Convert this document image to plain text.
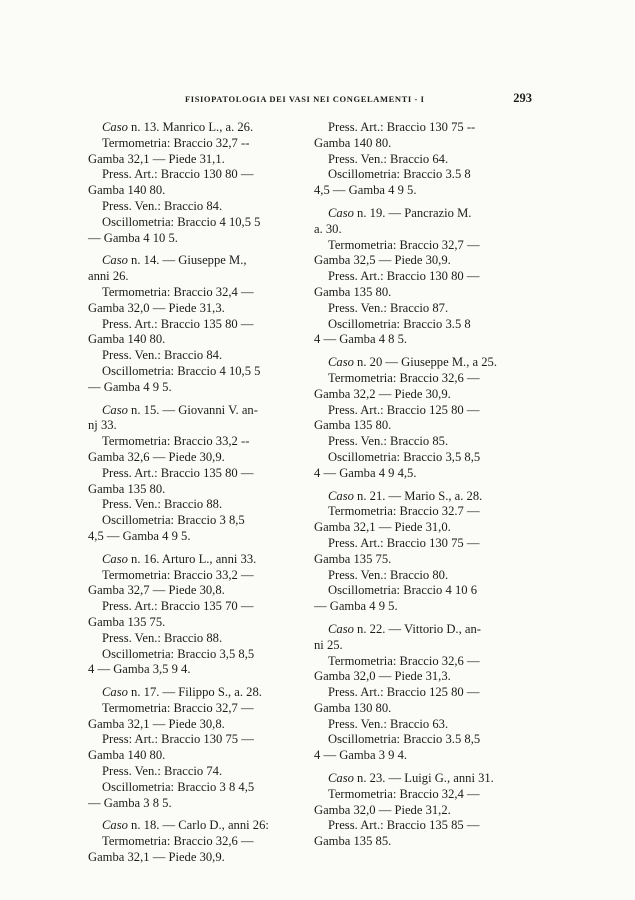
FISIOPATOLOGIA DEI VASI NEI CONGELAMENTI - I	293
Caso n. 13. Manrico L., a. 26.
Termometria: Braccio 32,7 --
Gamba 32,1 — Piede 31,1.
Press. Art.: Braccio 130 80 —
Gamba 140 80.
Press. Ven.: Braccio 84.
Oscillometria: Braccio 4 10,5 5
— Gamba 4 10 5.
Caso n. 14. — Giuseppe M.,
anni 26.
Termometria: Braccio 32,4 —
Gamba 32,0 — Piede 31,3.
Press. Art.: Braccio 135 80 —
Gamba 140 80.
Press. Ven.: Braccio 84.
Oscillometria: Braccio 4 10,5 5
— Gamba 4 9 5.
Caso n. 15. — Giovanni V. an-
nj 33.
Termometria: Braccio 33,2 --
Gamba 32,6 — Piede 30,9.
Press. Art.: Braccio 135 80 —
Gamba 135 80.
Press. Ven.: Braccio 88.
Oscillometria: Braccio 3 8,5
4,5 — Gamba 4 9 5.
Caso n. 16. Arturo L., anni 33.
Termometria: Braccio 33,2 —
Gamba 32,7 — Piede 30,8.
Press. Art.: Braccio 135 70 —
Gamba 135 75.
Press. Ven.: Braccio 88.
Oscillometria: Braccio 3,5 8,5
4 — Gamba 3,5 9 4.
Caso n. 17. — Filippo S., a. 28.
Termometria: Braccio 32,7 —
Gamba 32,1 — Piede 30,8.
Press: Art.: Braccio 130 75 —
Gamba 140 80.
Press. Ven.: Braccio 74.
Oscillometria: Braccio 3 8 4,5
— Gamba 3 8 5.
Caso n. 18. — Carlo D., anni 26:
Termometria: Braccio 32,6 —
Gamba 32,1 — Piede 30,9.
Press. Art.: Braccio 130 75 --
Gamba 140 80.
Press. Ven.: Braccio 64.
Oscillometria: Braccio 3.5 8
4,5 — Gamba 4 9 5.
Caso n. 19. — Pancrazio M.
a. 30.
Termometria: Braccio 32,7 —
Gamba 32,5 — Piede 30,9.
Press. Art.: Braccio 130 80 —
Gamba 135 80.
Press. Ven.: Braccio 87.
Oscillometria: Braccio 3.5 8
4 — Gamba 4 8 5.
Caso n. 20 — Giuseppe M., a 25.
Termometria: Braccio 32,6 —
Gamba 32,2 — Piede 30,9.
Press. Art.: Braccio 125 80 —
Gamba 135 80.
Press. Ven.: Braccio 85.
Oscillometria: Braccio 3,5 8,5
4 — Gamba 4 9 4,5.
Caso n. 21. — Mario S., a. 28.
Termometria: Braccio 32.7 —
Gamba 32,1 — Piede 31,0.
Press. Art.: Braccio 130 75 —
Gamba 135 75.
Press. Ven.: Braccio 80.
Oscillometria: Braccio 4 10 6
— Gamba 4 9 5.
Caso n. 22. — Vittorio D., an-
ni 25.
Termometria: Braccio 32,6 —
Gamba 32,0 — Piede 31,3.
Press. Art.: Braccio 125 80 —
Gamba 130 80.
Press. Ven.: Braccio 63.
Oscillometria: Braccio 3.5 8,5
4 — Gamba 3 9 4.
Caso n. 23. — Luigi G., anni 31.
Termometria: Braccio 32,4 —
Gamba 32,0 — Piede 31,2.
Press. Art.: Braccio 135 85 —
Gamba 135 85.
